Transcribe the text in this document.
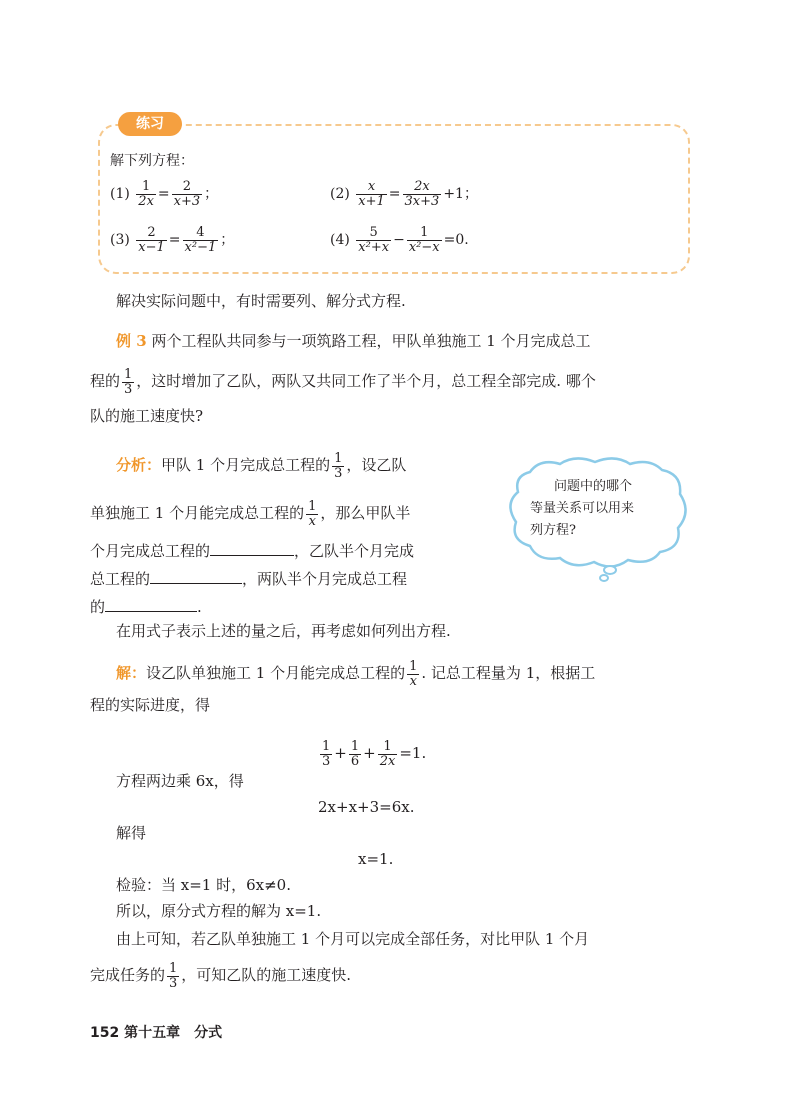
练习
解下列方程：
$(1) \frac{1}{2x} = \frac{2}{x+3}$ ；	$(2) \frac{x}{x+1} = \frac{2x}{3x+3} +1$；
$(3) \frac{2}{x-1} = \frac{4}{\text{x²−1}}$ ；	$(4) \frac{5}{\text{x²+x}} - \frac{1}{\text{x²−x}} =0$.
解决实际问题中，有时需要列、解分式方程.
例 3 两个工程队共同参与一项筑路工程，甲队单独施工 1 个月完成总工
程的 $\frac{1}{3}$ ，这时增加了乙队，两队又共同工作了半个月，总工程全部完成. 哪个
队的施工速度快?
分析：甲队 1 个月完成总工程的 $\frac{1}{3}$ ，设乙队
单独施工 1 个月能完成总工程的 $\frac{1}{x}$ ，那么甲队半
个月完成总工程的	，乙队半个月完成
总工程的	，两队半个月完成总工程
的	.
问题中的哪个
等量关系可以用来
列方程?
在用式子表示上述的量之后，再考虑如何列出方程.
解：设乙队单独施工 1 个月能完成总工程的 $\frac{1}{x}$ . 记总工程量为 1，根据工
程的实际进度，得
$\frac{1}{3} + \frac{1}{6} + \frac{1}{2x} =1$.
方程两边乘 6x，得
2x+x+3=6x.
解得
x=1.
检验：当 x=1 时，6x≠0.
所以，原分式方程的解为 x=1.
由上可知，若乙队单独施工 1 个月可以完成全部任务，对比甲队 1 个月
完成任务的 $\frac{1}{3}$ ，可知乙队的施工速度快.
152 第十五章　分式
